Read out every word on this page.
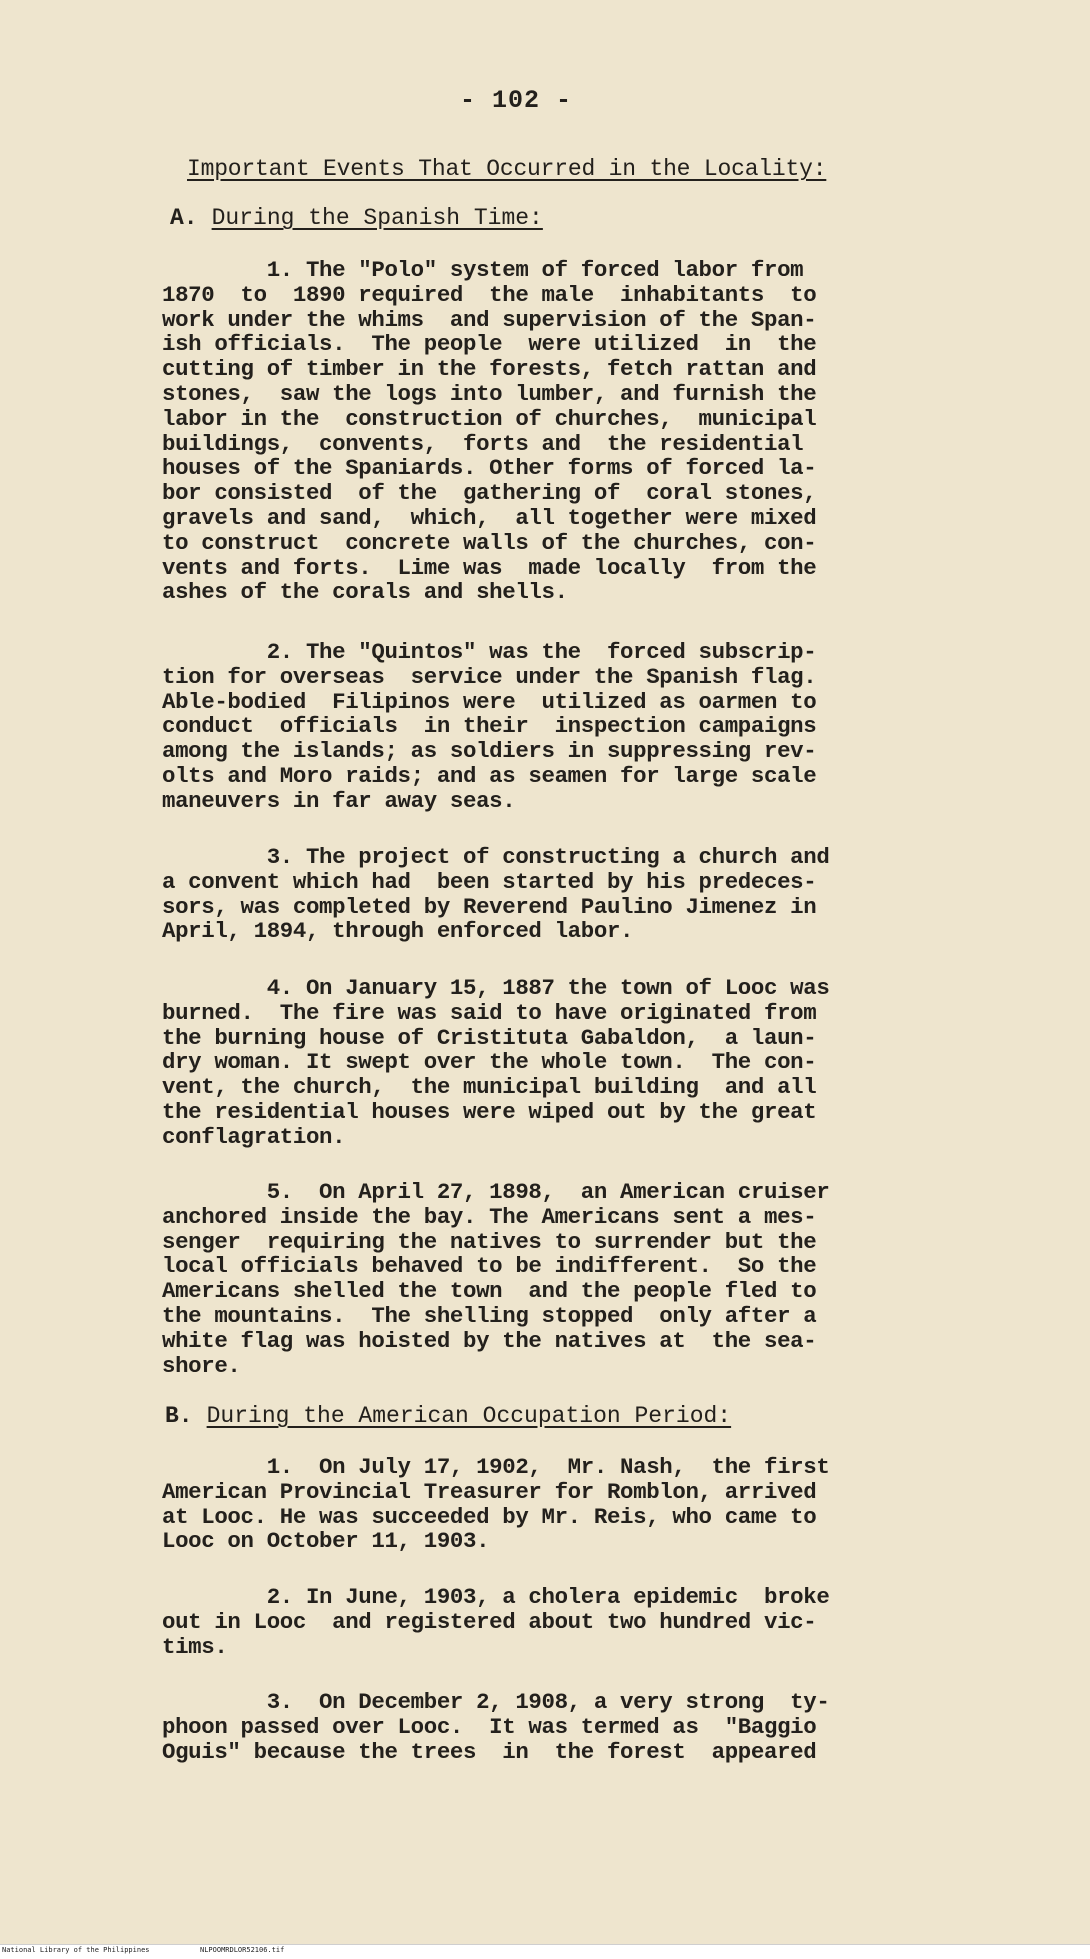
- 102 -
Important Events That Occurred in the Locality:
A. During the Spanish Time:
1. The "Polo" system of forced labor from
1870  to  1890 required  the male  inhabitants  to
work under the whims  and supervision of the Span-
ish officials.  The people  were utilized  in  the
cutting of timber in the forests, fetch rattan and
stones,  saw the logs into lumber, and furnish the
labor in the  construction of churches,  municipal
buildings,  convents,  forts and  the residential
houses of the Spaniards. Other forms of forced la-
bor consisted  of the  gathering of  coral stones,
gravels and sand,  which,  all together were mixed
to construct  concrete walls of the churches, con-
vents and forts.  Lime was  made locally  from the
ashes of the corals and shells.
2. The "Quintos" was the  forced subscrip-
tion for overseas  service under the Spanish flag.
Able-bodied  Filipinos were  utilized as oarmen to
conduct  officials  in their  inspection campaigns
among the islands; as soldiers in suppressing rev-
olts and Moro raids; and as seamen for large scale
maneuvers in far away seas.
3. The project of constructing a church and
a convent which had  been started by his predeces-
sors, was completed by Reverend Paulino Jimenez in
April, 1894, through enforced labor.
4. On January 15, 1887 the town of Looc was
burned.  The fire was said to have originated from
the burning house of Cristituta Gabaldon,  a laun-
dry woman. It swept over the whole town.  The con-
vent, the church,  the municipal building  and all
the residential houses were wiped out by the great
conflagration.
5.  On April 27, 1898,  an American cruiser
anchored inside the bay. The Americans sent a mes-
senger  requiring the natives to surrender but the
local officials behaved to be indifferent.  So the
Americans shelled the town  and the people fled to
the mountains.  The shelling stopped  only after a
white flag was hoisted by the natives at  the sea-
shore.
B. During the American Occupation Period:
1.  On July 17, 1902,  Mr. Nash,  the first
American Provincial Treasurer for Romblon, arrived
at Looc. He was succeeded by Mr. Reis, who came to
Looc on October 11, 1903.
2. In June, 1903, a cholera epidemic  broke
out in Looc  and registered about two hundred vic-
tims.
3.  On December 2, 1908, a very strong  ty-
phoon passed over Looc.  It was termed as  "Baggio
Oguis" because the trees  in  the forest  appeared
National Library of the Philippines	NLPOOMRDLOR52106.tif
